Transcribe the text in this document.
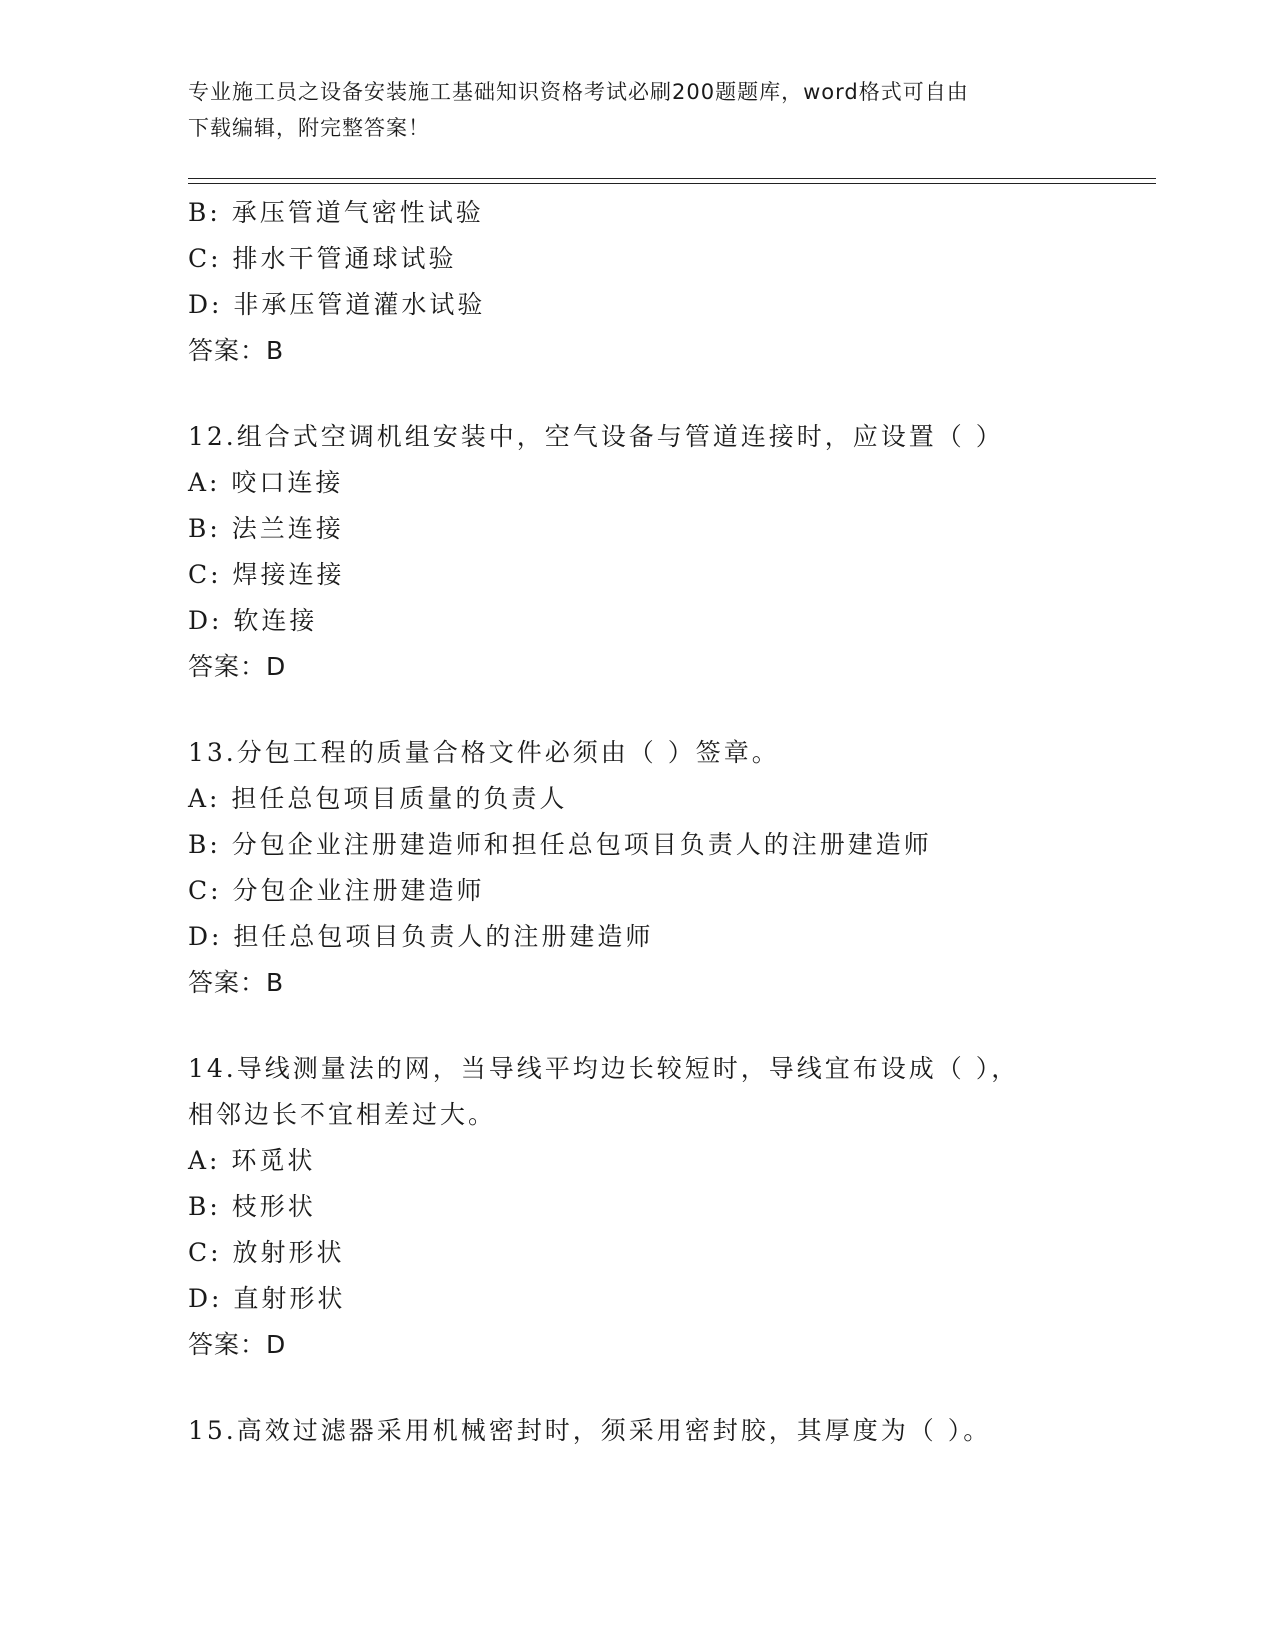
专业施工员之设备安装施工基础知识资格考试必刷200题题库，word格式可自由
下载编辑，附完整答案！
B: 承压管道气密性试验
C: 排水干管通球试验
D: 非承压管道灌水试验
答案：B
12.组合式空调机组安装中，空气设备与管道连接时，应设置（ ）
A: 咬口连接
B: 法兰连接
C: 焊接连接
D: 软连接
答案：D
13.分包工程的质量合格文件必须由（ ）签章。
A: 担任总包项目质量的负责人
B: 分包企业注册建造师和担任总包项目负责人的注册建造师
C: 分包企业注册建造师
D: 担任总包项目负责人的注册建造师
答案：B
14.导线测量法的网，当导线平均边长较短时，导线宜布设成（ ），
相邻边长不宜相差过大。
A: 环觅状
B: 枝形状
C: 放射形状
D: 直射形状
答案：D
15.高效过滤器采用机械密封时，须采用密封胶，其厚度为（ ）。
